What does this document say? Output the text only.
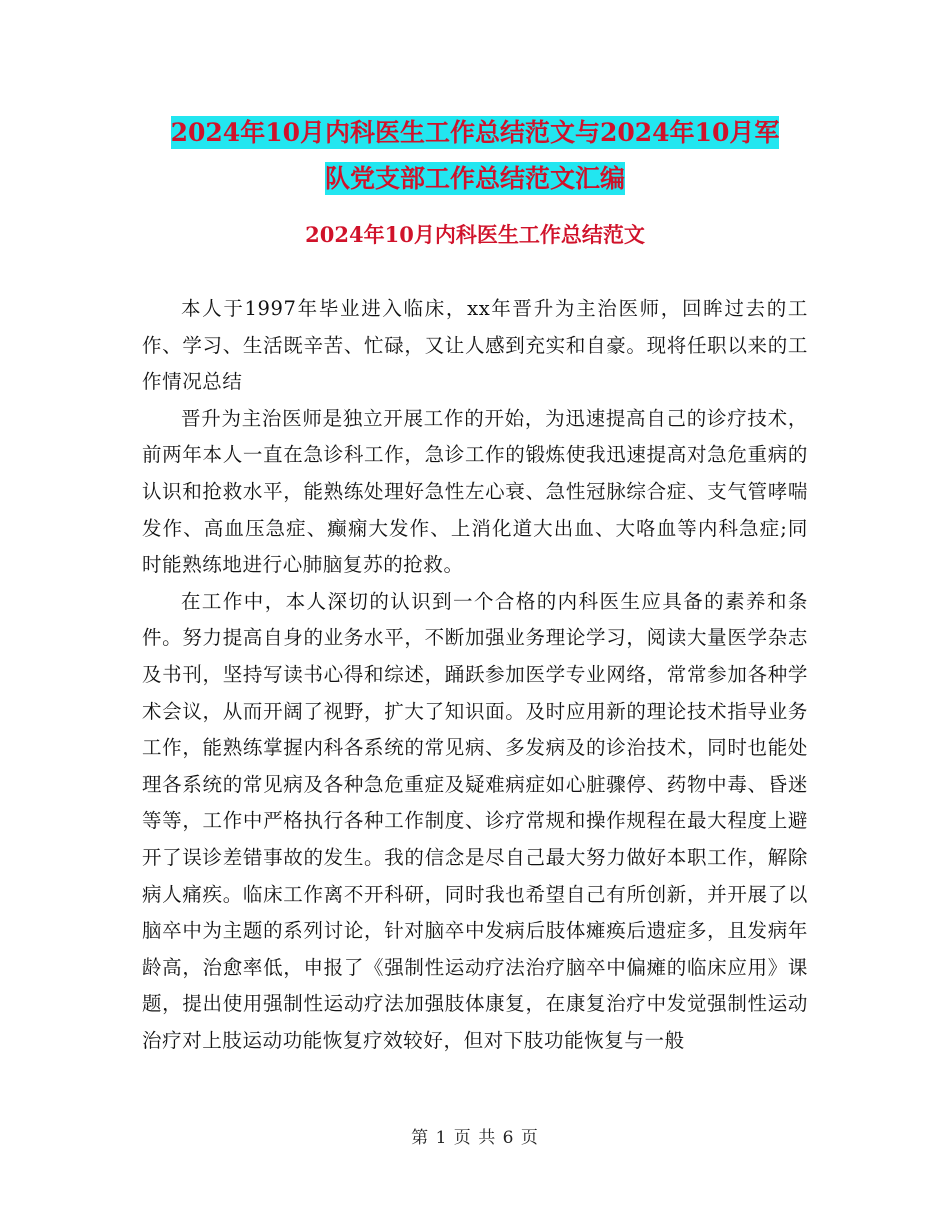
2024年10月内科医生工作总结范文与2024年10月军
队党支部工作总结范文汇编
2024年10月内科医生工作总结范文

本人于1997年毕业进入临床，xx年晋升为主治医师，回眸过去的工作、学习、生活既辛苦、忙碌，又让人感到充实和自豪。现将任职以来的工作情况总结

晋升为主治医师是独立开展工作的开始，为迅速提高自己的诊疗技术，前两年本人一直在急诊科工作，急诊工作的锻炼使我迅速提高对急危重病的认识和抢救水平，能熟练处理好急性左心衰、急性冠脉综合症、支气管哮喘发作、高血压急症、癫痫大发作、上消化道大出血、大咯血等内科急症;同时能熟练地进行心肺脑复苏的抢救。

在工作中，本人深切的认识到一个合格的内科医生应具备的素养和条件。努力提高自身的业务水平，不断加强业务理论学习，阅读大量医学杂志及书刊，坚持写读书心得和综述，踊跃参加医学专业网络，常常参加各种学术会议，从而开阔了视野，扩大了知识面。及时应用新的理论技术指导业务工作，能熟练掌握内科各系统的常见病、多发病及的诊治技术，同时也能处理各系统的常见病及各种急危重症及疑难病症如心脏骤停、药物中毒、昏迷等等，工作中严格执行各种工作制度、诊疗常规和操作规程在最大程度上避开了误诊差错事故的发生。我的信念是尽自己最大努力做好本职工作，解除病人痛疾。临床工作离不开科研，同时我也希望自己有所创新，并开展了以脑卒中为主题的系列讨论，针对脑卒中发病后肢体瘫痪后遗症多，且发病年龄高，治愈率低，申报了《强制性运动疗法治疗脑卒中偏瘫的临床应用》课题，提出使用强制性运动疗法加强肢体康复，在康复治疗中发觉强制性运动治疗对上肢运动功能恢复疗效较好，但对下肢功能恢复与一般

第 1 页 共 6 页
